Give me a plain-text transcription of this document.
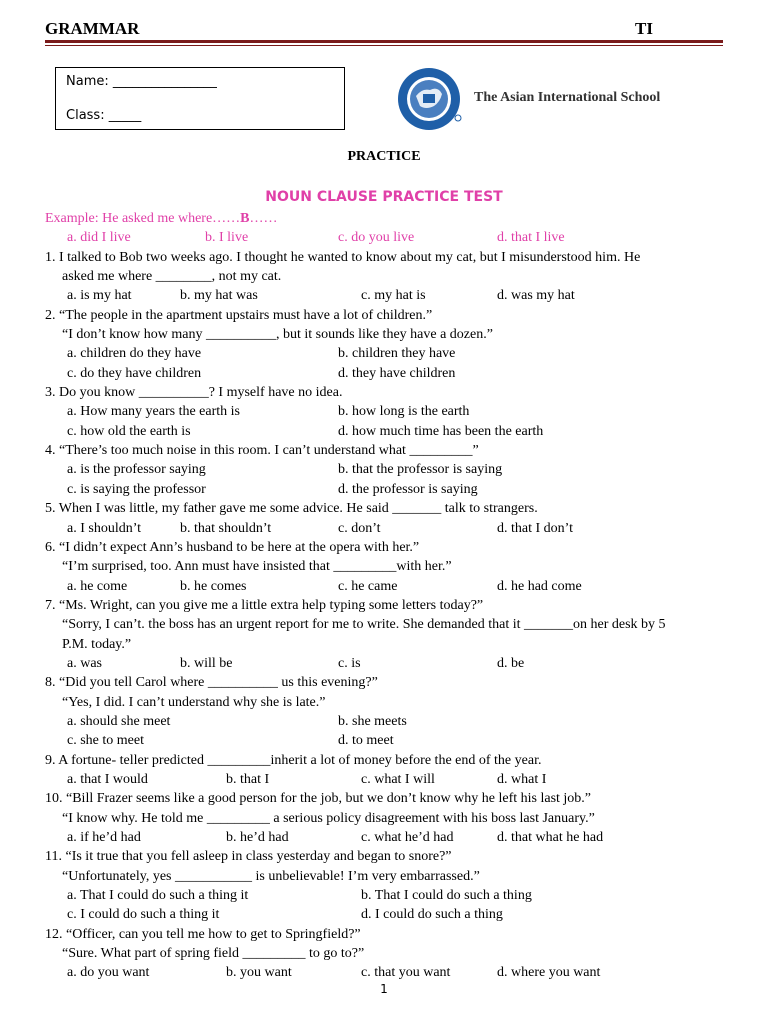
GRAMMAR	TI
Name: ________________
Class: _____
The Asian International School
PRACTICE
NOUN CLAUSE PRACTICE TEST
Example: He asked me where……B……
a. did I live	b. I live	c. do you live	d. that I live
1. I talked to Bob two weeks ago. I thought he wanted to know about my cat, but I misunderstood him. He
asked me where ________, not my cat.
a. is my hat	b. my hat was	c. my hat is	d. was my hat
2. “The people in the apartment upstairs must have a lot of children.”
“I don’t know how many __________, but it sounds like they have a dozen.”
a. children do they have	b. children they have
c. do they have children	d. they have children
3. Do you know __________? I myself have no idea.
a. How many years the earth is	b. how long is the earth
c. how old the earth is	d. how much time has been the earth
4. “There’s too much noise in this room. I can’t understand what _________”
a. is the professor saying	b. that the professor is saying
c. is saying the professor	d. the professor is saying
5. When I was little, my father gave me some advice. He said _______ talk to strangers.
a. I shouldn’t	b. that shouldn’t	c. don’t	d. that I don’t
6. “I didn’t expect Ann’s husband to be here at the opera with her.”
“I’m surprised, too. Ann must have insisted that _________with her.”
a. he come	b. he comes	c. he came	d. he had come
7. “Ms. Wright, can you give me a little extra help typing some letters today?”
“Sorry, I can’t. the boss has an urgent report for me to write. She demanded that it _______on her desk by 5
P.M. today.”
a. was	b. will be	c. is	d. be
8. “Did you tell Carol where __________ us this evening?”
“Yes, I did. I can’t understand why she is late.”
a. should she meet	b. she meets
c. she to meet	d. to meet
9. A fortune- teller predicted _________inherit a lot of money before the end of the year.
a. that I would	b. that I	c. what I will	d. what I
10. “Bill Frazer seems like a good person for the job, but we don’t know why he left his last job.”
“I know why. He told me _________ a serious policy disagreement with his boss last January.”
a. if he’d had	b. he’d had	c. what he’d had	d. that what he had
11. “Is it true that you fell asleep in class yesterday and began to snore?”
“Unfortunately, yes ___________ is unbelievable! I’m very embarrassed.”
a. That I could do such a thing it	b. That I could do such a thing
c. I could do such a thing it	d. I could do such a thing
12. “Officer, can you tell me how to get to Springfield?”
“Sure. What part of spring field _________ to go to?”
a. do you want	b. you want	c. that you want	d. where you want
1
